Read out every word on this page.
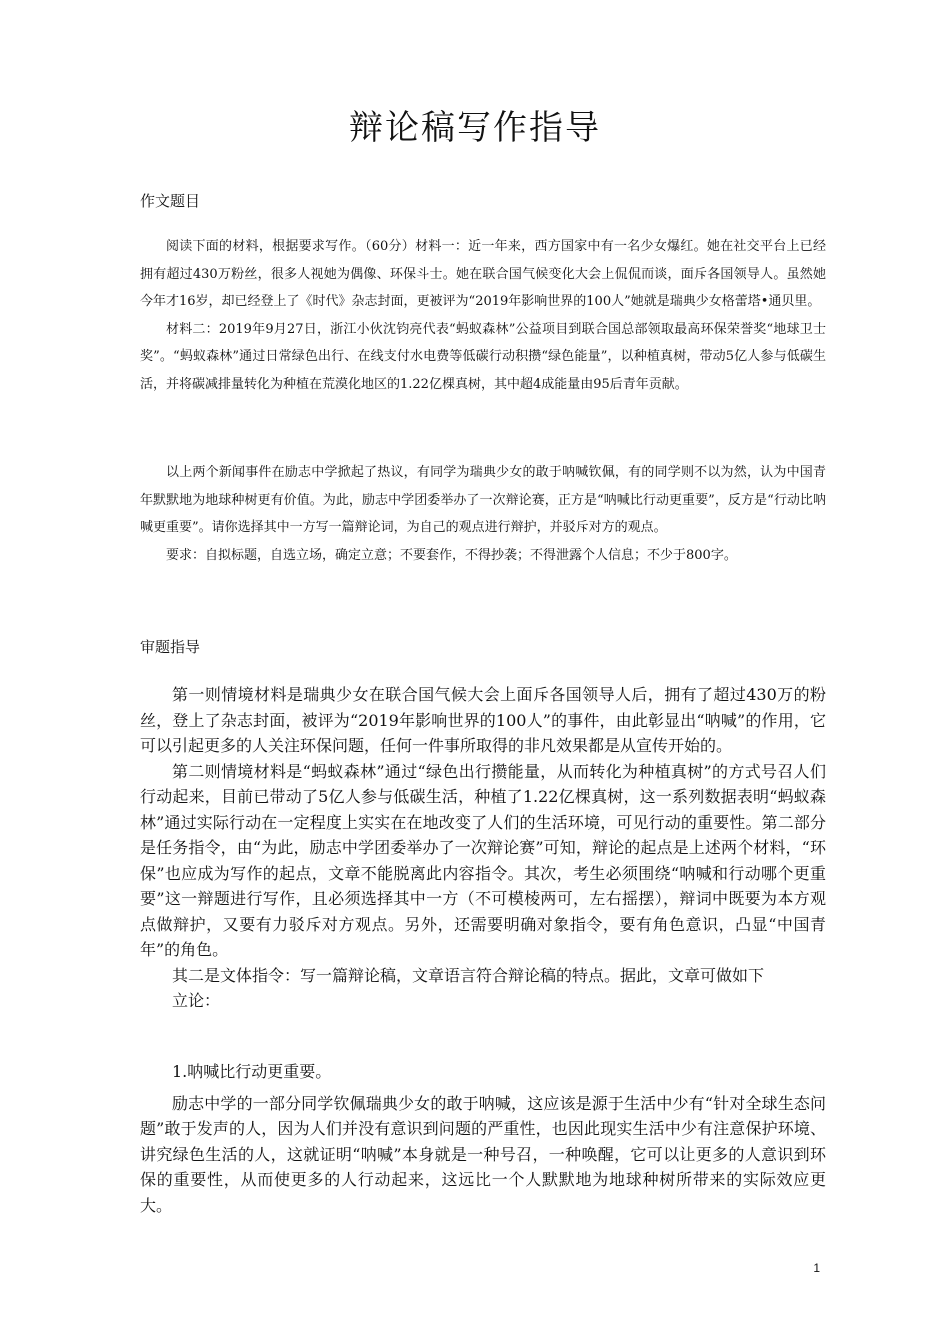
辩论稿写作指导
作文题目

阅读下面的材料，根据要求写作。（60分）材料一：近一年来，西方国家中有一名少女爆红。她在社交平台上已经拥有超过430万粉丝，很多人视她为偶像、环保斗士。她在联合国气候变化大会上侃侃而谈，面斥各国领导人。虽然她今年才16岁，却已经登上了《时代》杂志封面，更被评为“2019年影响世界的100人”她就是瑞典少女格蕾塔•通贝里。

材料二：2019年9月27日，浙江小伙沈钧亮代表“蚂蚁森林”公益项目到联合国总部领取最高环保荣誉奖“地球卫士奖”。“蚂蚁森林”通过日常绿色出行、在线支付水电费等低碳行动积攒“绿色能量”，以种植真树，带动5亿人参与低碳生活，并将碳减排量转化为种植在荒漠化地区的1.22亿棵真树，其中超4成能量由95后青年贡献。

以上两个新闻事件在励志中学掀起了热议，有同学为瑞典少女的敢于呐喊钦佩，有的同学则不以为然，认为中国青年默默地为地球种树更有价值。为此，励志中学团委举办了一次辩论赛，正方是“呐喊比行动更重要”，反方是“行动比呐喊更重要”。请你选择其中一方写一篇辩论词，为自己的观点进行辩护，并驳斥对方的观点。

要求：自拟标题，自选立场，确定立意；不要套作，不得抄袭；不得泄露个人信息；不少于800字。

审题指导

第一则情境材料是瑞典少女在联合国气候大会上面斥各国领导人后，拥有了超过430万的粉丝，登上了杂志封面，被评为“2019年影响世界的100人”的事件，由此彰显出“呐喊”的作用，它可以引起更多的人关注环保问题，任何一件事所取得的非凡效果都是从宣传开始的。

第二则情境材料是“蚂蚁森林”通过“绿色出行攒能量，从而转化为种植真树”的方式号召人们行动起来，目前已带动了5亿人参与低碳生活，种植了1.22亿棵真树，这一系列数据表明“蚂蚁森林”通过实际行动在一定程度上实实在在地改变了人们的生活环境，可见行动的重要性。第二部分是任务指令，由“为此，励志中学团委举办了一次辩论赛”可知，辩论的起点是上述两个材料，“环保”也应成为写作的起点，文章不能脱离此内容指令。其次，考生必须围绕“呐喊和行动哪个更重要”这一辩题进行写作，且必须选择其中一方（不可模棱两可，左右摇摆），辩词中既要为本方观点做辩护，又要有力驳斥对方观点。另外，还需要明确对象指令，要有角色意识，凸显“中国青年”的角色。

其二是文体指令：写一篇辩论稿，文章语言符合辩论稿的特点。据此，文章可做如下

立论：

1.呐喊比行动更重要。

励志中学的一部分同学钦佩瑞典少女的敢于呐喊，这应该是源于生活中少有“针对全球生态问题”敢于发声的人，因为人们并没有意识到问题的严重性，也因此现实生活中少有注意保护环境、讲究绿色生活的人，这就证明“呐喊”本身就是一种号召，一种唤醒，它可以让更多的人意识到环保的重要性，从而使更多的人行动起来，这远比一个人默默地为地球种树所带来的实际效应更大。

1
